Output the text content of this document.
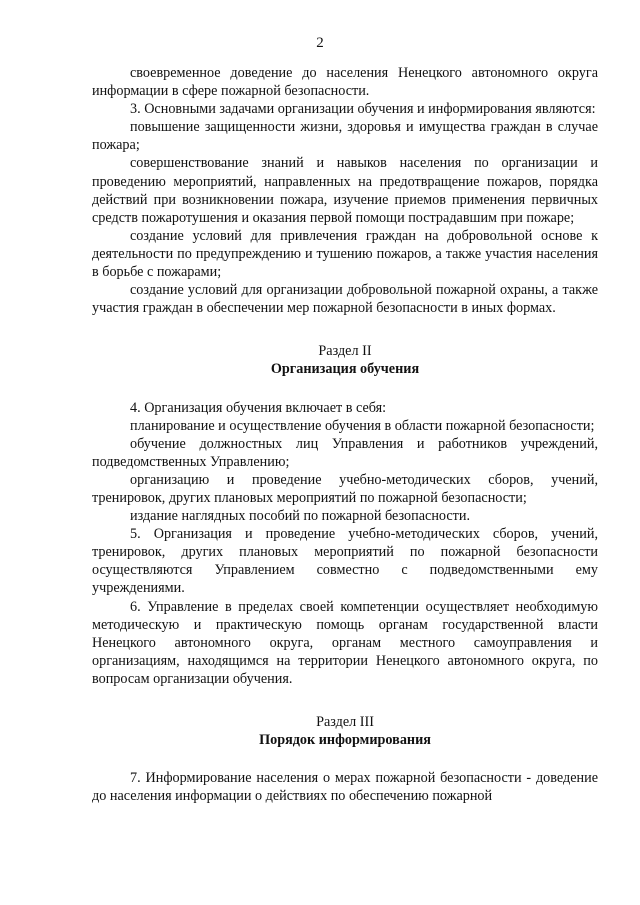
2

своевременное доведение до населения Ненецкого автономного округа информации в сфере пожарной безопасности.

3. Основными задачами организации обучения и информирования являются:

повышение защищенности жизни, здоровья и имущества граждан в случае пожара;

совершенствование знаний и навыков населения по организации и проведению мероприятий, направленных на предотвращение пожаров, порядка действий при возникновении пожара, изучение приемов применения первичных средств пожаротушения и оказания первой помощи пострадавшим при пожаре;

создание условий для привлечения граждан на добровольной основе к деятельности по предупреждению и тушению пожаров, а также участия населения в борьбе с пожарами;

создание условий для организации добровольной пожарной охраны, а также участия граждан в обеспечении мер пожарной безопасности в иных формах.

Раздел II

Организация обучения

4. Организация обучения включает в себя:

планирование и осуществление обучения в области пожарной безопасности;

обучение должностных лиц Управления и работников учреждений, подведомственных Управлению;

организацию и проведение учебно-методических сборов, учений, тренировок, других плановых мероприятий по пожарной безопасности;

издание наглядных пособий по пожарной безопасности.

5. Организация и проведение учебно-методических сборов, учений, тренировок, других плановых мероприятий по пожарной безопасности осуществляются Управлением совместно с подведомственными ему учреждениями.

6. Управление в пределах своей компетенции осуществляет необходимую методическую и практическую помощь органам государственной власти Ненецкого автономного округа, органам местного самоуправления и организациям, находящимся на территории Ненецкого автономного округа, по вопросам организации обучения.

Раздел III

Порядок информирования

7. Информирование населения о мерах пожарной безопасности - доведение до населения информации о действиях по обеспечению пожарной
